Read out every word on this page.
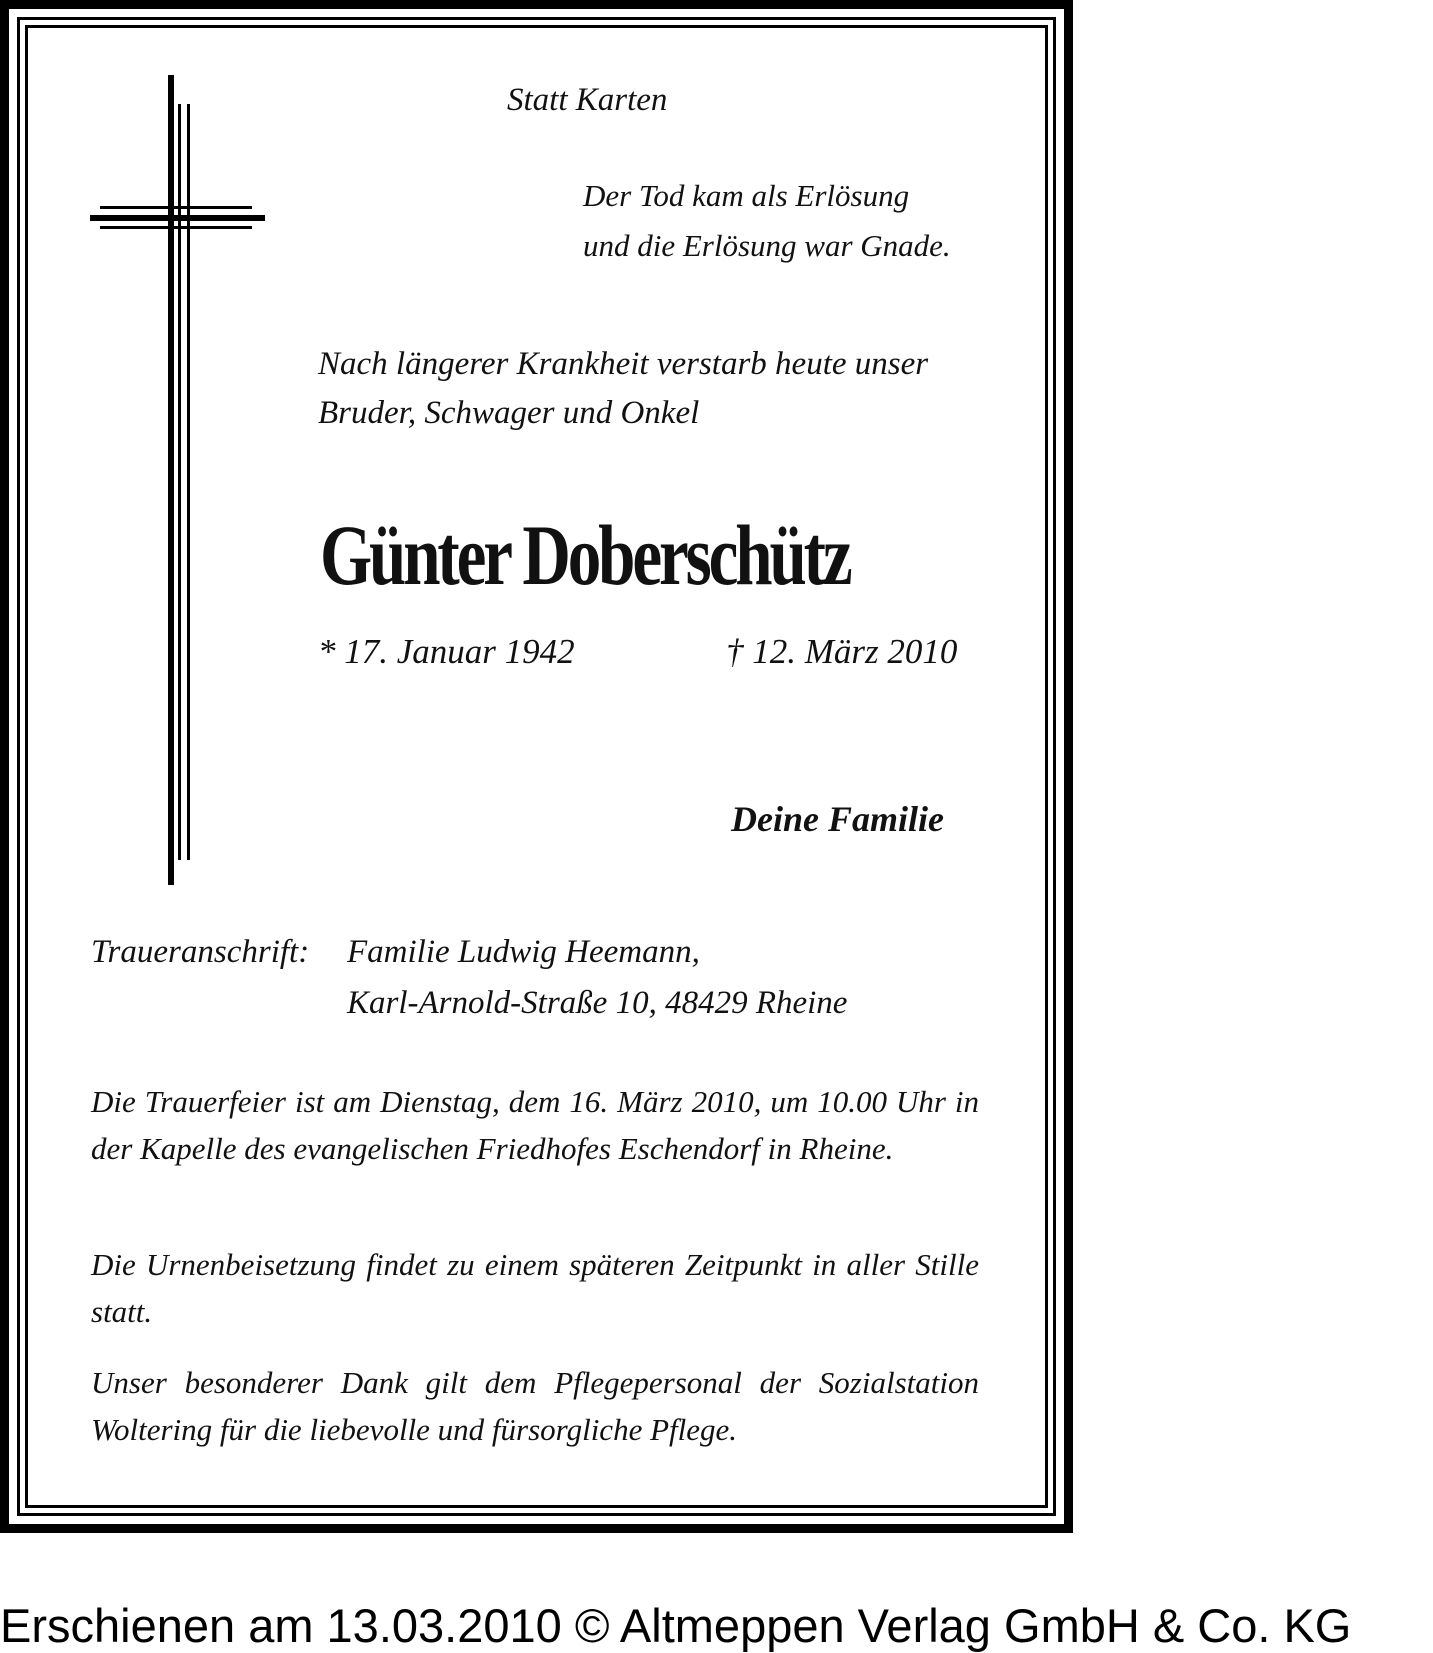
Statt Karten

Der Tod kam als Erlösung

und die Erlösung war Gnade.

Nach längerer Krankheit verstarb heute unser

Bruder, Schwager und Onkel

Günter Doberschütz

* 17. Januar 1942	† 12. März 2010

Deine Familie

Traueranschrift: Familie Ludwig Heemann,

Karl-Arnold-Straße 10, 48429 Rheine

Die Trauerfeier ist am Dienstag, dem 16. März 2010, um 10.00 Uhr in der Kapelle des evangelischen Friedhofes Eschendorf in Rheine.

Die Urnenbeisetzung findet zu einem späteren Zeitpunkt in aller Stille statt.

Unser besonderer Dank gilt dem Pflegepersonal der Sozialstation Woltering für die liebevolle und fürsorgliche Pflege.

Erschienen am 13.03.2010 © Altmeppen Verlag GmbH & Co. KG
